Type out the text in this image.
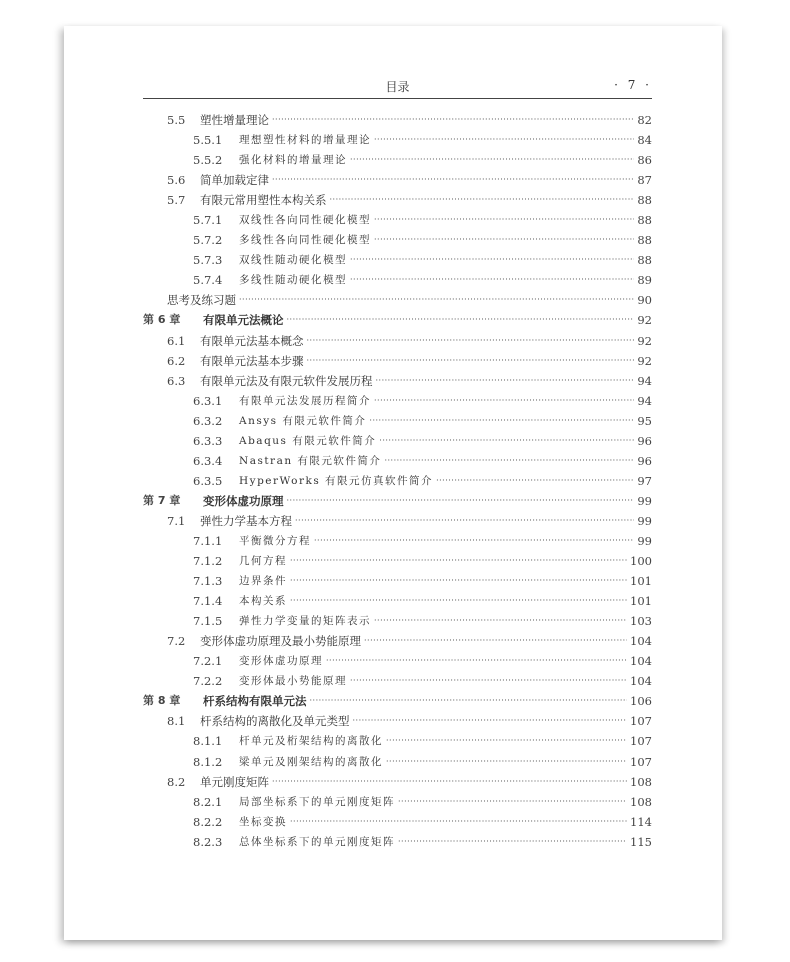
目录	· 7 ·
5.5	塑性增量理论 ·····	82
5.5.1	理想塑性材料的增量理论 ·····	84
5.5.2	强化材料的增量理论 ·····	86
5.6	简单加载定律 ·····	87
5.7	有限元常用塑性本构关系 ·····	88
5.7.1	双线性各向同性硬化模型 ·····	88
5.7.2	多线性各向同性硬化模型 ·····	88
5.7.3	双线性随动硬化模型 ·····	88
5.7.4	多线性随动硬化模型 ·····	89
思考及练习题 ·····	90
第 6 章	有限单元法概论 ·····	92
6.1	有限单元法基本概念 ·····	92
6.2	有限单元法基本步骤 ·····	92
6.3	有限单元法及有限元软件发展历程 ·····	94
6.3.1	有限单元法发展历程简介 ·····	94
6.3.2	Ansys 有限元软件简介 ·····	95
6.3.3	Abaqus 有限元软件简介 ·····	96
6.3.4	Nastran 有限元软件简介 ·····	96
6.3.5	HyperWorks 有限元仿真软件简介 ·····	97
第 7 章	变形体虚功原理 ·····	99
7.1	弹性力学基本方程 ·····	99
7.1.1	平衡微分方程 ·····	99
7.1.2	几何方程 ·····	100
7.1.3	边界条件 ·····	101
7.1.4	本构关系 ·····	101
7.1.5	弹性力学变量的矩阵表示 ·····	103
7.2	变形体虚功原理及最小势能原理 ·····	104
7.2.1	变形体虚功原理 ·····	104
7.2.2	变形体最小势能原理 ·····	104
第 8 章	杆系结构有限单元法 ·····	106
8.1	杆系结构的离散化及单元类型 ·····	107
8.1.1	杆单元及桁架结构的离散化 ·····	107
8.1.2	梁单元及刚架结构的离散化 ·····	107
8.2	单元刚度矩阵 ·····	108
8.2.1	局部坐标系下的单元刚度矩阵 ·····	108
8.2.2	坐标变换 ·····	114
8.2.3	总体坐标系下的单元刚度矩阵 ·····	115
